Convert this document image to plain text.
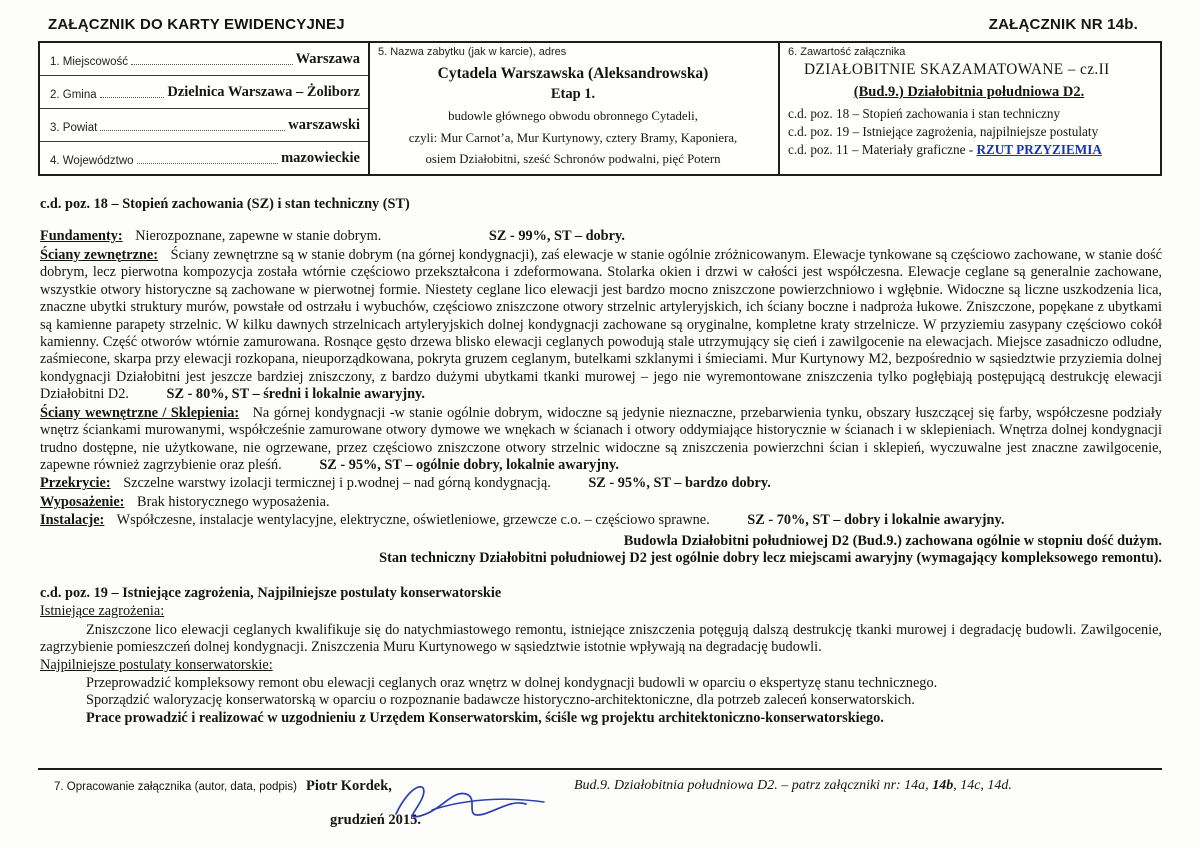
ZAŁĄCZNIK DO KARTY EWIDENCYJNEJ	ZAŁĄCZNIK NR 14b.
1. Miejscowość	Warszawa
2. Gmina	Dzielnica Warszawa – Żoliborz
3. Powiat	warszawski
4. Województwo	mazowieckie
5. Nazwa zabytku (jak w karcie), adres
Cytadela Warszawska (Aleksandrowska)
Etap 1.
budowle głównego obwodu obronnego Cytadeli,
czyli: Mur Carnot’a, Mur Kurtynowy, cztery Bramy, Kaponiera,
osiem Działobitni, sześć Schronów podwalni, pięć Potern
6. Zawartość załącznika
DZIAŁOBITNIE SKAZAMATOWANE – cz.II
(Bud.9.) Działobitnia południowa D2.
c.d. poz. 18 – Stopień zachowania i stan techniczny
c.d. poz. 19 – Istniejące zagrożenia, najpilniejsze postulaty
c.d. poz. 11 – Materiały graficzne - RZUT PRZYZIEMIA
c.d. poz. 18 – Stopień zachowania (SZ) i stan techniczny (ST)

Fundamenty: Nierozpoznane, zapewne w stanie dobrym.	SZ - 99%, ST – dobry.

Ściany zewnętrzne: Ściany zewnętrzne są w stanie dobrym (na górnej kondygnacji), zaś elewacje w stanie ogólnie zróżnicowanym. Elewacje tynkowane są częściowo zachowane, w stanie dość dobrym, lecz pierwotna kompozycja została wtórnie częściowo przekształcona i zdeformowana. Stolarka okien i drzwi w całości jest współczesna. Elewacje ceglane są generalnie zachowane, wszystkie otwory historyczne są zachowane w pierwotnej formie. Niestety ceglane lico elewacji jest bardzo mocno zniszczone powierzchniowo i wgłębnie. Widoczne są liczne uszkodzenia lica, znaczne ubytki struktury murów, powstałe od ostrzału i wybuchów, częściowo zniszczone otwory strzelnic artyleryjskich, ich ściany boczne i nadproża łukowe. Zniszczone, popękane z ubytkami są kamienne parapety strzelnic. W kilku dawnych strzelnicach artyleryjskich dolnej kondygnacji zachowane są oryginalne, kompletne kraty strzelnicze. W przyziemiu zasypany częściowo cokół kamienny. Część otworów wtórnie zamurowana. Rosnące gęsto drzewa blisko elewacji ceglanych powodują stale utrzymujący się cień i zawilgocenie na elewacjach. Miejsce zasadniczo odludne, zaśmiecone, skarpa przy elewacji rozkopana, nieuporządkowana, pokryta gruzem ceglanym, butelkami szklanymi i śmieciami. Mur Kurtynowy M2, bezpośrednio w sąsiedztwie przyziemia dolnej kondygnacji Działobitni jest jeszcze bardziej zniszczony, z bardzo dużymi ubytkami tkanki murowej – jego nie wyremontowane zniszczenia tylko pogłębiają postępującą destrukcję elewacji Działobitni D2.	SZ - 80%, ST – średni i lokalnie awaryjny.

Ściany wewnętrzne / Sklepienia: Na górnej kondygnacji -w stanie ogólnie dobrym, widoczne są jedynie nieznaczne, przebarwienia tynku, obszary łuszczącej się farby, współczesne podziały wnętrz ściankami murowanymi, współcześnie zamurowane otwory dymowe we wnękach w ścianach i otwory oddymiające historycznie w ścianach i w sklepieniach. Wnętrza dolnej kondygnacji trudno dostępne, nie użytkowane, nie ogrzewane, przez częściowo zniszczone otwory strzelnic widoczne są zniszczenia powierzchni ścian i sklepień, wyczuwalne jest znaczne zawilgocenie, zapewne również zagrzybienie oraz pleśń.	SZ - 95%, ST – ogólnie dobry, lokalnie awaryjny.

Przekrycie: Szczelne warstwy izolacji termicznej i p.wodnej – nad górną kondygnacją.	SZ - 95%, ST – bardzo dobry.

Wyposażenie: Brak historycznego wyposażenia.

Instalacje: Współczesne, instalacje wentylacyjne, elektryczne, oświetleniowe, grzewcze c.o. – częściowo sprawne.	SZ - 70%, ST – dobry i lokalnie awaryjny.

Budowla Działobitni południowej D2 (Bud.9.) zachowana ogólnie w stopniu dość dużym.

Stan techniczny Działobitni południowej D2 jest ogólnie dobry lecz miejscami awaryjny (wymagający kompleksowego remontu).

c.d. poz. 19 – Istniejące zagrożenia, Najpilniejsze postulaty konserwatorskie

Istniejące zagrożenia:

Zniszczone lico elewacji ceglanych kwalifikuje się do natychmiastowego remontu, istniejące zniszczenia potęgują dalszą destrukcję tkanki murowej i degradację budowli. Zawilgocenie, zagrzybienie pomieszczeń dolnej kondygnacji. Zniszczenia Muru Kurtynowego w sąsiedztwie istotnie wpływają na degradację budowli.

Najpilniejsze postulaty konserwatorskie:

Przeprowadzić kompleksowy remont obu elewacji ceglanych oraz wnętrz w dolnej kondygnacji budowli w oparciu o ekspertyzę stanu technicznego.

Sporządzić waloryzację konserwatorską w oparciu o rozpoznanie badawcze historyczno-architektoniczne, dla potrzeb zaleceń konserwatorskich.

Prace prowadzić i realizować w uzgodnieniu z Urzędem Konserwatorskim, ściśle wg projektu architektoniczno-konserwatorskiego.

7. Opracowanie załącznika (autor, data, podpis) Piotr Kordek,
grudzień 2015.
Bud.9. Działobitnia południowa D2. – patrz załączniki nr: 14a, 14b, 14c, 14d.
